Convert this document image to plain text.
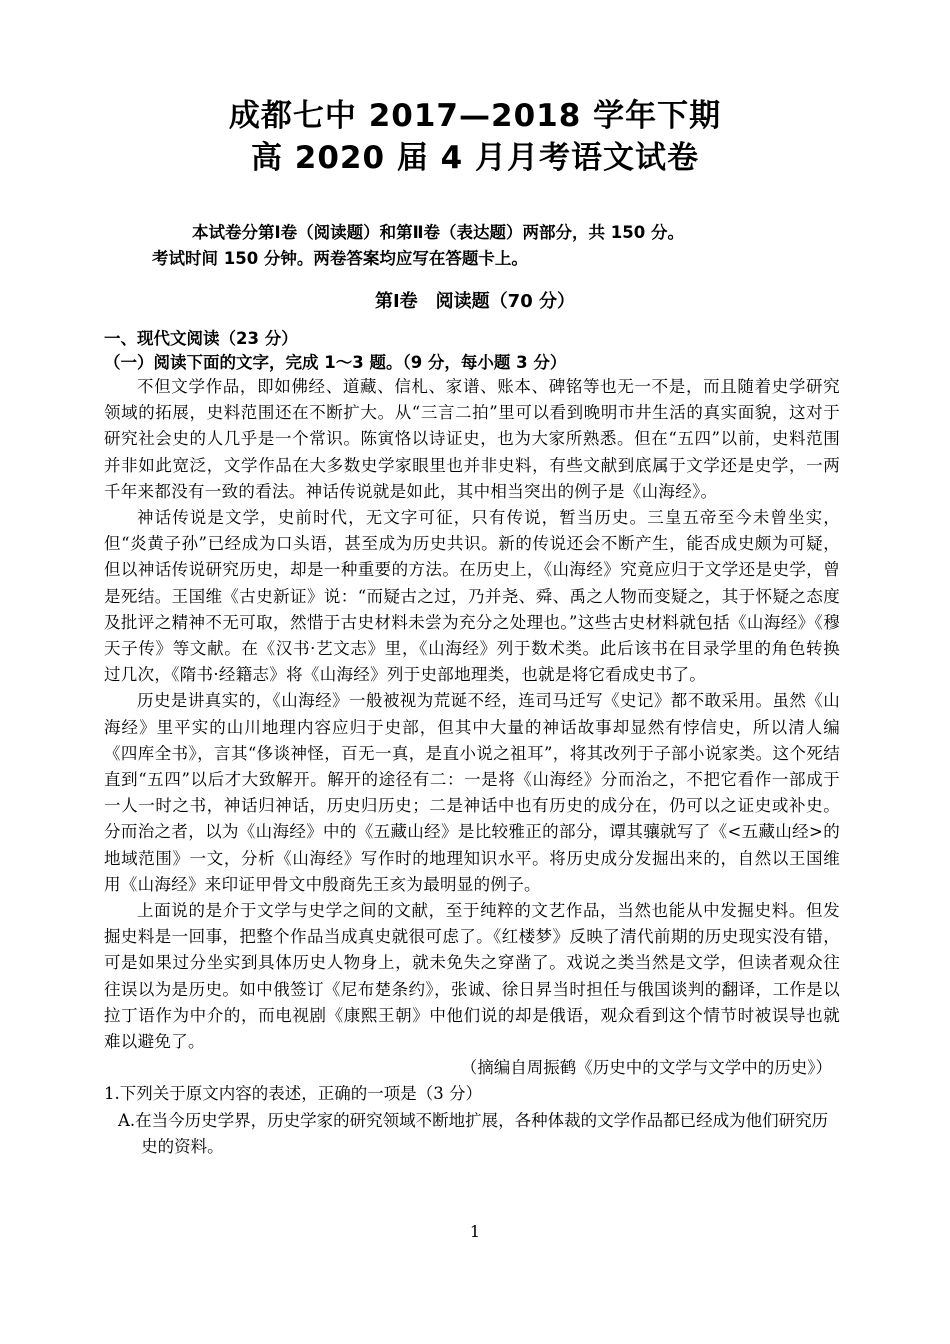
成都七中 2017—2018 学年下期
高 2020 届 4 月月考语文试卷
本试卷分第Ⅰ卷（阅读题）和第Ⅱ卷（表达题）两部分，共 150 分。
考试时间 150 分钟。两卷答案均应写在答题卡上。
第Ⅰ卷　阅读题（70 分）
一、现代文阅读（23 分）
（一）阅读下面的文字，完成 1～3 题。（9 分，每小题 3 分）

不但文学作品，即如佛经、道藏、信札、家谱、账本、碑铭等也无一不是，而且随着史学研究领域的拓展，史料范围还在不断扩大。从“三言二拍”里可以看到晚明市井生活的真实面貌，这对于研究社会史的人几乎是一个常识。陈寅恪以诗证史，也为大家所熟悉。但在“五四”以前，史料范围并非如此宽泛，文学作品在大多数史学家眼里也并非史料，有些文献到底属于文学还是史学，一两千年来都没有一致的看法。神话传说就是如此，其中相当突出的例子是《山海经》。

神话传说是文学，史前时代，无文字可征，只有传说，暂当历史。三皇五帝至今未曾坐实，但“炎黄子孙”已经成为口头语，甚至成为历史共识。新的传说还会不断产生，能否成史颇为可疑，但以神话传说研究历史，却是一种重要的方法。在历史上，《山海经》究竟应归于文学还是史学，曾是死结。王国维《古史新证》说：“而疑古之过，乃并尧、舜、禹之人物而变疑之，其于怀疑之态度及批评之精神不无可取，然惜于古史材料未尝为充分之处理也。”这些古史材料就包括《山海经》《穆天子传》等文献。在《汉书·艺文志》里，《山海经》列于数术类。此后该书在目录学里的角色转换过几次，《隋书·经籍志》将《山海经》列于史部地理类，也就是将它看成史书了。

历史是讲真实的，《山海经》一般被视为荒诞不经，连司马迁写《史记》都不敢采用。虽然《山海经》里平实的山川地理内容应归于史部，但其中大量的神话故事却显然有悖信史，所以清人编《四库全书》，言其“侈谈神怪，百无一真，是直小说之祖耳”，将其改列于子部小说家类。这个死结直到“五四”以后才大致解开。解开的途径有二：一是将《山海经》分而治之，不把它看作一部成于一人一时之书，神话归神话，历史归历史；二是神话中也有历史的成分在，仍可以之证史或补史。分而治之者，以为《山海经》中的《五藏山经》是比较雅正的部分，谭其骧就写了《<五藏山经>的地域范围》一文，分析《山海经》写作时的地理知识水平。将历史成分发掘出来的，自然以王国维用《山海经》来印证甲骨文中殷商先王亥为最明显的例子。

上面说的是介于文学与史学之间的文献，至于纯粹的文艺作品，当然也能从中发掘史料。但发掘史料是一回事，把整个作品当成真史就很可虑了。《红楼梦》反映了清代前期的历史现实没有错，可是如果过分坐实到具体历史人物身上，就未免失之穿凿了。戏说之类当然是文学，但读者观众往往误以为是历史。如中俄签订《尼布楚条约》，张诚、徐日昇当时担任与俄国谈判的翻译，工作是以拉丁语作为中介的，而电视剧《康熙王朝》中他们说的却是俄语，观众看到这个情节时被误导也就难以避免了。

（摘编自周振鹤《历史中的文学与文学中的历史》）
1.下列关于原文内容的表述，正确的一项是（3 分）
A.在当今历史学界，历史学家的研究领域不断地扩展，各种体裁的文学作品都已经成为他们研究历史的资料。
1
